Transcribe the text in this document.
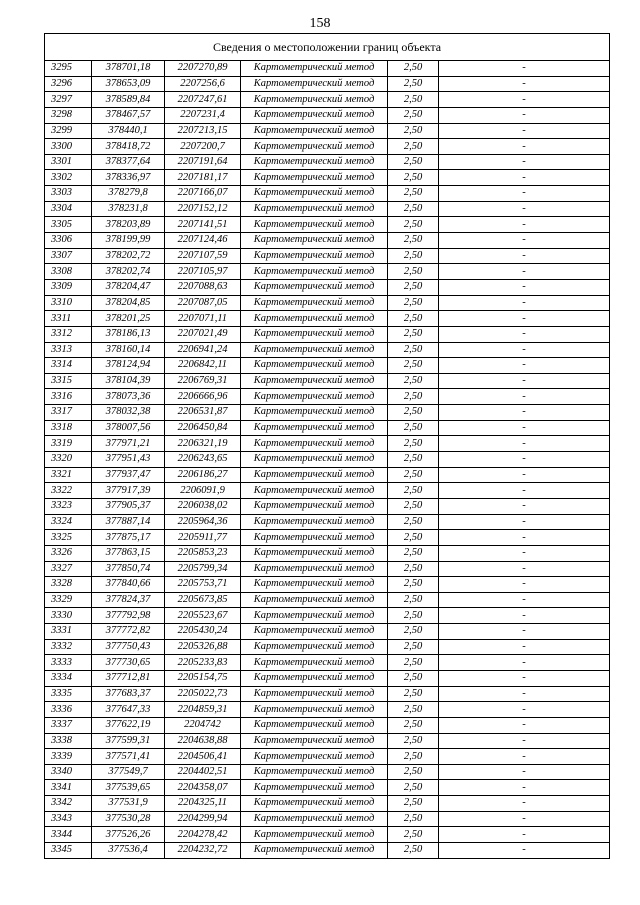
158
Сведения о местоположении границ объекта					
3295	378701,18	2207270,89	Картометрический метод	2,50	-
3296	378653,09	2207256,6	Картометрический метод	2,50	-
3297	378589,84	2207247,61	Картометрический метод	2,50	-
3298	378467,57	2207231,4	Картометрический метод	2,50	-
3299	378440,1	2207213,15	Картометрический метод	2,50	-
3300	378418,72	2207200,7	Картометрический метод	2,50	-
3301	378377,64	2207191,64	Картометрический метод	2,50	-
3302	378336,97	2207181,17	Картометрический метод	2,50	-
3303	378279,8	2207166,07	Картометрический метод	2,50	-
3304	378231,8	2207152,12	Картометрический метод	2,50	-
3305	378203,89	2207141,51	Картометрический метод	2,50	-
3306	378199,99	2207124,46	Картометрический метод	2,50	-
3307	378202,72	2207107,59	Картометрический метод	2,50	-
3308	378202,74	2207105,97	Картометрический метод	2,50	-
3309	378204,47	2207088,63	Картометрический метод	2,50	-
3310	378204,85	2207087,05	Картометрический метод	2,50	-
3311	378201,25	2207071,11	Картометрический метод	2,50	-
3312	378186,13	2207021,49	Картометрический метод	2,50	-
3313	378160,14	2206941,24	Картометрический метод	2,50	-
3314	378124,94	2206842,11	Картометрический метод	2,50	-
3315	378104,39	2206769,31	Картометрический метод	2,50	-
3316	378073,36	2206666,96	Картометрический метод	2,50	-
3317	378032,38	2206531,87	Картометрический метод	2,50	-
3318	378007,56	2206450,84	Картометрический метод	2,50	-
3319	377971,21	2206321,19	Картометрический метод	2,50	-
3320	377951,43	2206243,65	Картометрический метод	2,50	-
3321	377937,47	2206186,27	Картометрический метод	2,50	-
3322	377917,39	2206091,9	Картометрический метод	2,50	-
3323	377905,37	2206038,02	Картометрический метод	2,50	-
3324	377887,14	2205964,36	Картометрический метод	2,50	-
3325	377875,17	2205911,77	Картометрический метод	2,50	-
3326	377863,15	2205853,23	Картометрический метод	2,50	-
3327	377850,74	2205799,34	Картометрический метод	2,50	-
3328	377840,66	2205753,71	Картометрический метод	2,50	-
3329	377824,37	2205673,85	Картометрический метод	2,50	-
3330	377792,98	2205523,67	Картометрический метод	2,50	-
3331	377772,82	2205430,24	Картометрический метод	2,50	-
3332	377750,43	2205326,88	Картометрический метод	2,50	-
3333	377730,65	2205233,83	Картометрический метод	2,50	-
3334	377712,81	2205154,75	Картометрический метод	2,50	-
3335	377683,37	2205022,73	Картометрический метод	2,50	-
3336	377647,33	2204859,31	Картометрический метод	2,50	-
3337	377622,19	2204742	Картометрический метод	2,50	-
3338	377599,31	2204638,88	Картометрический метод	2,50	-
3339	377571,41	2204506,41	Картометрический метод	2,50	-
3340	377549,7	2204402,51	Картометрический метод	2,50	-
3341	377539,65	2204358,07	Картометрический метод	2,50	-
3342	377531,9	2204325,11	Картометрический метод	2,50	-
3343	377530,28	2204299,94	Картометрический метод	2,50	-
3344	377526,26	2204278,42	Картометрический метод	2,50	-
3345	377536,4	2204232,72	Картометрический метод	2,50	-
